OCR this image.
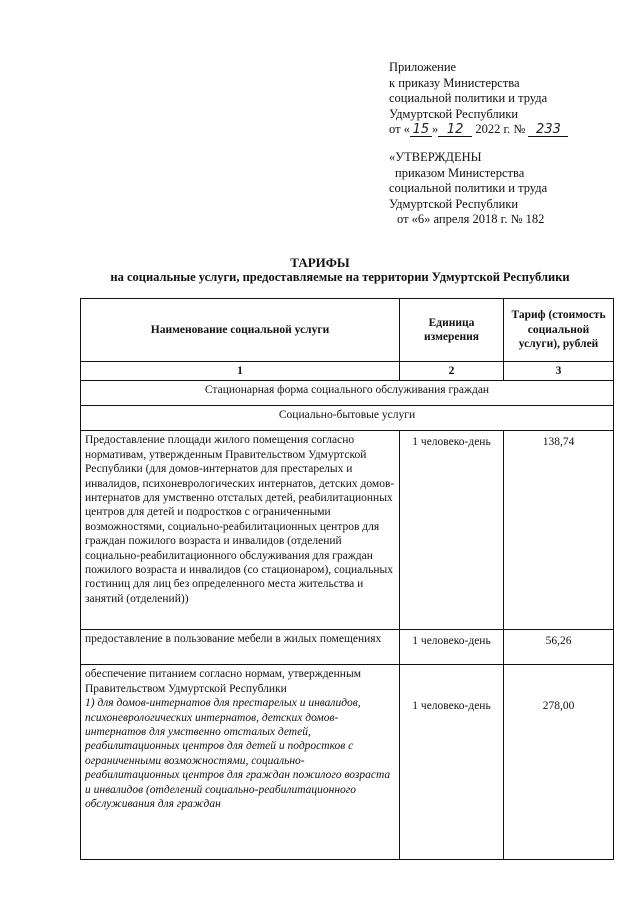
Приложение
к приказу Министерства
социальной политики и труда
Удмуртской Республики
от « 15 » 12 2022 г. № 233
«УТВЕРЖДЕНЫ
приказом Министерства
социальной политики и труда
Удмуртской Республики
от «6» апреля 2018 г. № 182
ТАРИФЫ
на социальные услуги, предоставляемые на территории Удмуртской Республики
Наименование социальной услуги	Единица измерения	Тариф (стоимость социальной услуги), рублей
1	2	3
Стационарная форма социального обслуживания граждан		
Социально-бытовые услуги		
Предоставление площади жилого помещения согласно нормативам, утвержденным Правительством Удмуртской Республики (для домов-интернатов для престарелых и инвалидов, психоневрологических интернатов, детских домов-интернатов для умственно отсталых детей, реабилитационных центров для детей и подростков с ограниченными возможностями, социально-реабилитационных центров для граждан пожилого возраста и инвалидов (отделений социально-реабилитационного обслуживания для граждан пожилого возраста и инвалидов (со стационаром), социальных гостиниц для лиц без определенного места жительства и занятий (отделений))	1 человеко-день	138,74
предоставление в пользование мебели в жилых помещениях	1 человеко-день	56,26

обеспечение питанием согласно нормам, утвержденным Правительством Удмуртской Республики
1) для домов-интернатов для престарелых и инвалидов, психоневрологических интернатов, детских домов-интернатов для умственно отсталых детей, реабилитационных центров для детей и подростков с ограниченными возможностями, социально-реабилитационных центров для граждан пожилого возраста и инвалидов (отделений социально-реабилитационного обслуживания для граждан	1 человеко-день	278,00
